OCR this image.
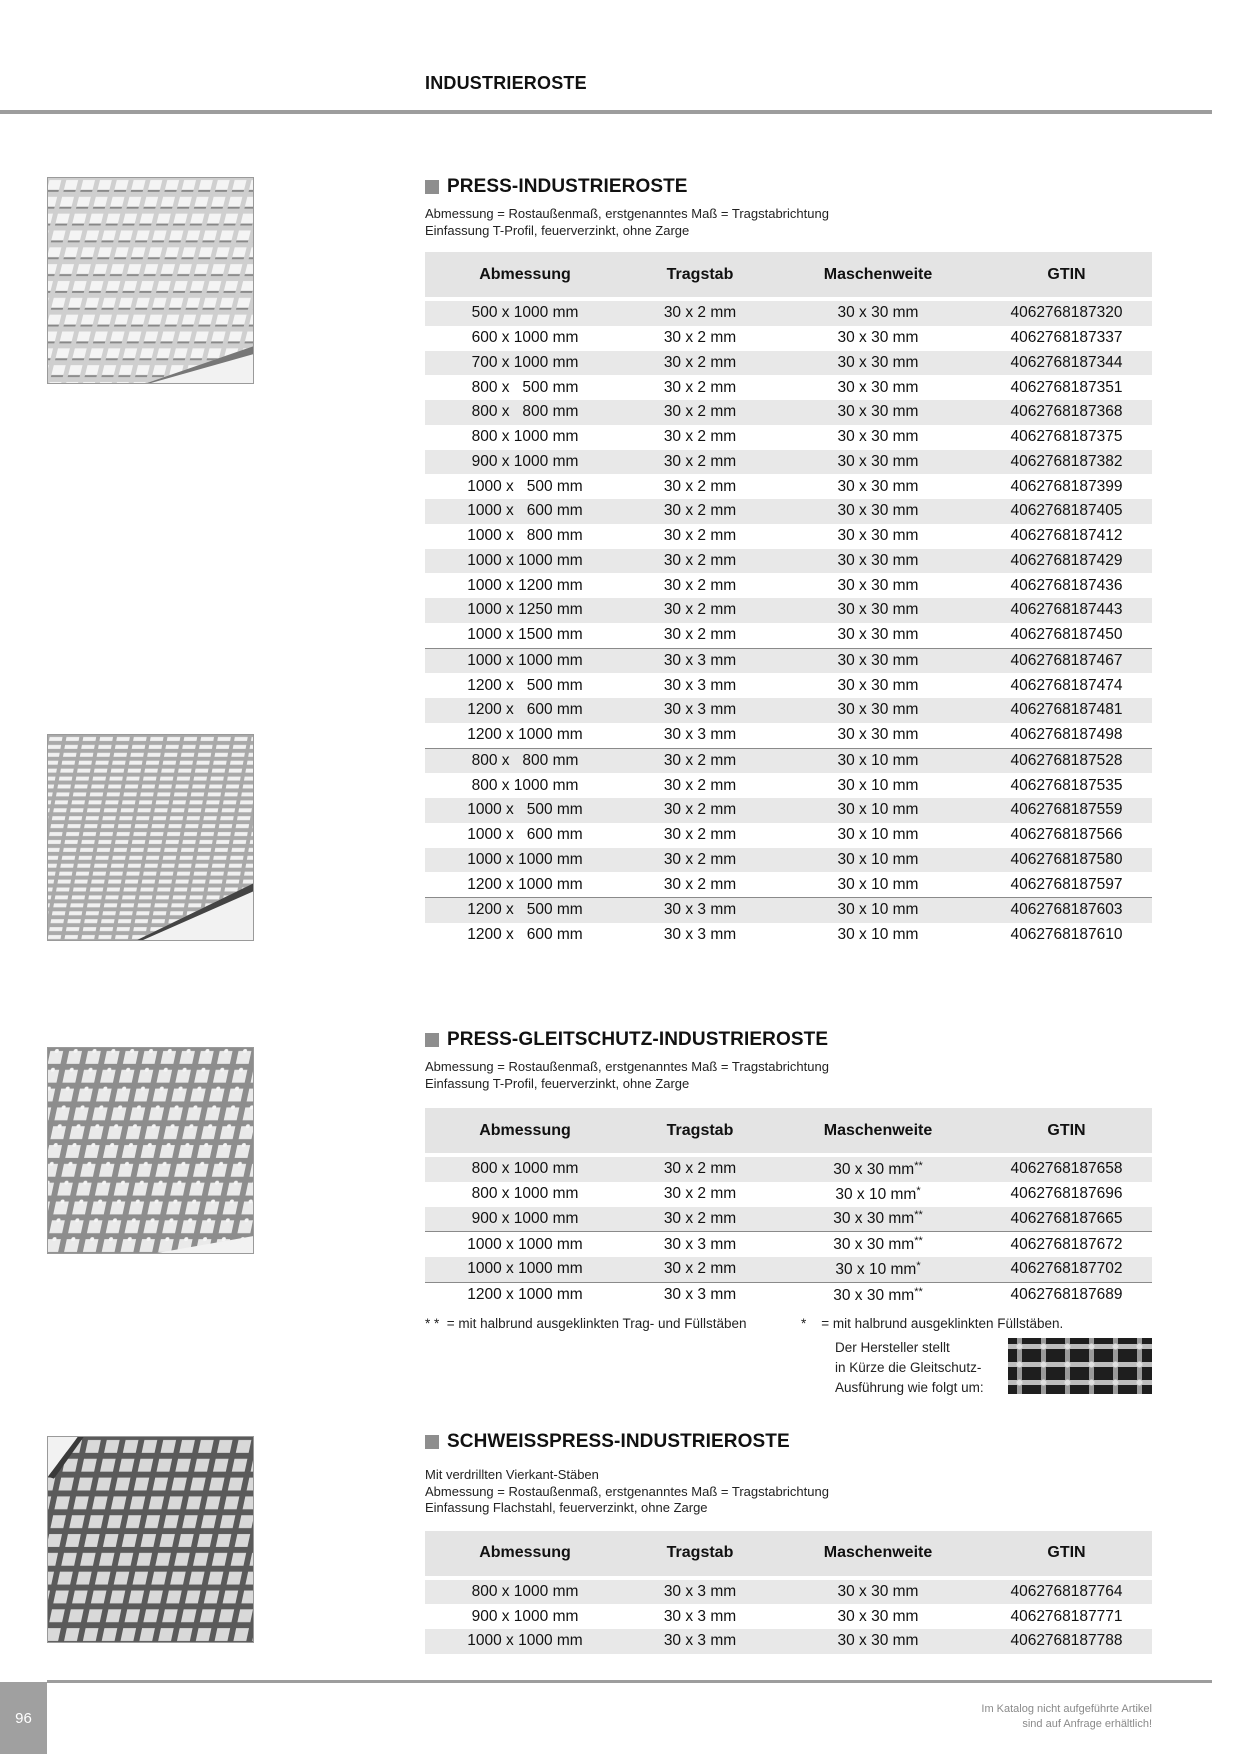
INDUSTRIEROSTE
PRESS-INDUSTRIEROSTE
Abmessung = Rostaußenmaß, erstgenanntes Maß = Tragstabrichtung
Einfassung T-Profil, feuerverzinkt, ohne Zarge
Abmessung	Tragstab	Maschenweite	GTIN

500 x 1000 mm	30 x 2 mm	30 x 30 mm	4062768187320
600 x 1000 mm	30 x 2 mm	30 x 30 mm	4062768187337
700 x 1000 mm	30 x 2 mm	30 x 30 mm	4062768187344
800 x   500 mm	30 x 2 mm	30 x 30 mm	4062768187351
800 x   800 mm	30 x 2 mm	30 x 30 mm	4062768187368
800 x 1000 mm	30 x 2 mm	30 x 30 mm	4062768187375
900 x 1000 mm	30 x 2 mm	30 x 30 mm	4062768187382
1000 x   500 mm	30 x 2 mm	30 x 30 mm	4062768187399
1000 x   600 mm	30 x 2 mm	30 x 30 mm	4062768187405
1000 x   800 mm	30 x 2 mm	30 x 30 mm	4062768187412
1000 x 1000 mm	30 x 2 mm	30 x 30 mm	4062768187429
1000 x 1200 mm	30 x 2 mm	30 x 30 mm	4062768187436
1000 x 1250 mm	30 x 2 mm	30 x 30 mm	4062768187443
1000 x 1500 mm	30 x 2 mm	30 x 30 mm	4062768187450
1000 x 1000 mm	30 x 3 mm	30 x 30 mm	4062768187467
1200 x   500 mm	30 x 3 mm	30 x 30 mm	4062768187474
1200 x   600 mm	30 x 3 mm	30 x 30 mm	4062768187481
1200 x 1000 mm	30 x 3 mm	30 x 30 mm	4062768187498
800 x   800 mm	30 x 2 mm	30 x 10 mm	4062768187528
800 x 1000 mm	30 x 2 mm	30 x 10 mm	4062768187535
1000 x   500 mm	30 x 2 mm	30 x 10 mm	4062768187559
1000 x   600 mm	30 x 2 mm	30 x 10 mm	4062768187566
1000 x 1000 mm	30 x 2 mm	30 x 10 mm	4062768187580
1200 x 1000 mm	30 x 2 mm	30 x 10 mm	4062768187597
1200 x   500 mm	30 x 3 mm	30 x 10 mm	4062768187603
1200 x   600 mm	30 x 3 mm	30 x 10 mm	4062768187610
PRESS-GLEITSCHUTZ-INDUSTRIEROSTE
Abmessung = Rostaußenmaß, erstgenanntes Maß = Tragstabrichtung
Einfassung T-Profil, feuerverzinkt, ohne Zarge
Abmessung	Tragstab	Maschenweite	GTIN

800 x 1000 mm	30 x 2 mm	30 x 30 mm**	4062768187658
800 x 1000 mm	30 x 2 mm	30 x 10 mm*	4062768187696
900 x 1000 mm	30 x 2 mm	30 x 30 mm**	4062768187665
1000 x 1000 mm	30 x 3 mm	30 x 30 mm**	4062768187672
1000 x 1000 mm	30 x 2 mm	30 x 10 mm*	4062768187702
1200 x 1000 mm	30 x 3 mm	30 x 30 mm**	4062768187689
* *  = mit halbrund ausgeklinkten Trag- und Füllstäben	*    = mit halbrund ausgeklinkten Füllstäben.
Der Hersteller stellt
in Kürze die Gleitschutz-
Ausführung wie folgt um:
SCHWEISSPRESS-INDUSTRIEROSTE
Mit verdrillten Vierkant-Stäben
Abmessung = Rostaußenmaß, erstgenanntes Maß = Tragstabrichtung
Einfassung Flachstahl, feuerverzinkt, ohne Zarge
Abmessung	Tragstab	Maschenweite	GTIN

800 x 1000 mm	30 x 3 mm	30 x 30 mm	4062768187764
900 x 1000 mm	30 x 3 mm	30 x 30 mm	4062768187771
1000 x 1000 mm	30 x 3 mm	30 x 30 mm	4062768187788
96
Im Katalog nicht aufgeführte Artikel
sind auf Anfrage erhältlich!
